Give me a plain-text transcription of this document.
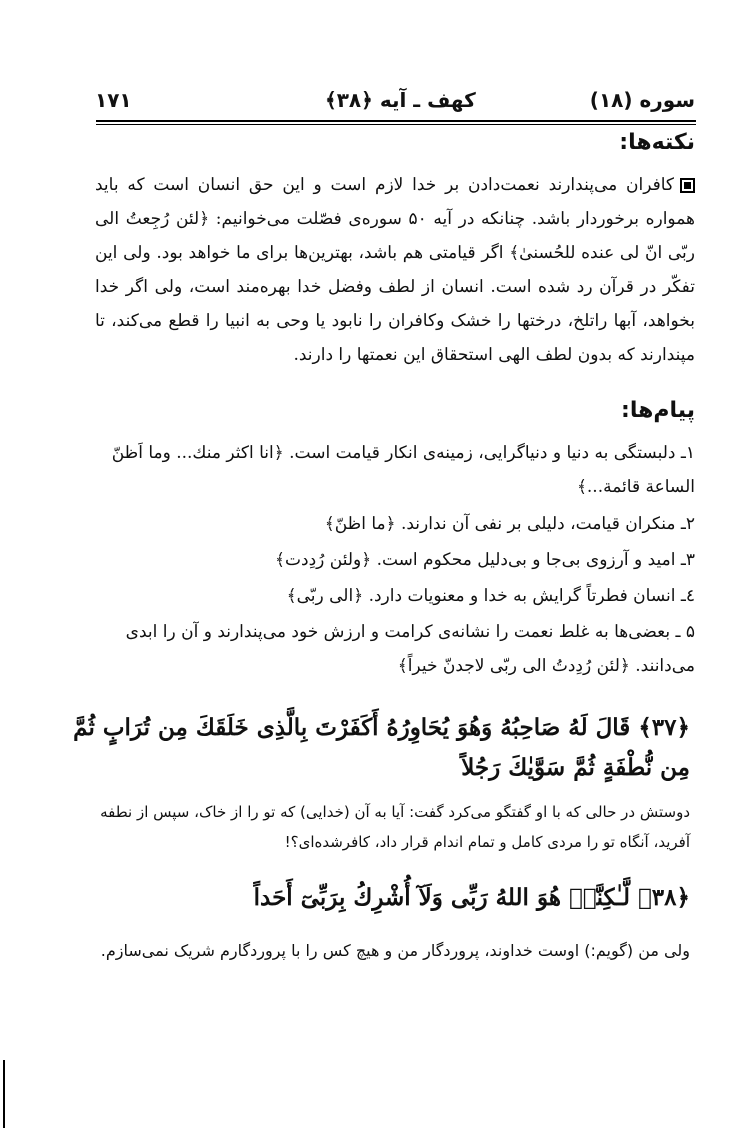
۱۷۱	کهف ـ آیه ﴿۳۸﴾	سوره (۱۸)
نکته‌ها:
کافران می‌پندارند نعمت‌دادن بر خدا لازم است و این حق انسان است که باید همواره برخوردار باشد. چنانکه در آیه ۵۰ سوره‌ی فصّلت می‌خوانیم: ﴿لئن رُجِعتُ الی ربّی انّ لی عنده للحُسنیٰ﴾ اگر قیامتی هم باشد، بهترین‌ها برای ما خواهد بود. ولی این تفکّر در قرآن رد شده است. انسان از لطف وفضل خدا بهره‌مند است، ولی اگر خدا بخواهد، آبها راتلخ، درختها را خشک وکافران را نابود یا وحی به انبیا را قطع می‌کند، تا مپندارند که بدون لطف الهی استحقاق این نعمتها را دارند.
پیام‌ها:
۱ـ دلبستگی به دنیا و دنیاگرایی، زمینه‌ی انکار قیامت است. ﴿انا اکثر منك... وما اَظنّ الساعة قائمة...﴾
۲ـ منکران قیامت، دلیلی بر نفی آن ندارند. ﴿ما اظنّ﴾
۳ـ امید و آرزوی بی‌جا و بی‌دلیل محکوم است. ﴿ولئن رُدِدت﴾
٤ـ انسان فطرتاً گرایش به خدا و معنویات دارد. ﴿الی ربّی﴾
۵ ـ بعضی‌ها به غلط نعمت را نشانه‌ی کرامت و ارزش خود می‌پندارند و آن را ابدی می‌دانند. ﴿لئن رُدِدتُ الی ربّی لاجدنّ خیراً﴾
﴿۳۷﴾ قَالَ لَهُ صَاحِبُهُ وَهُوَ يُحَاوِرُهُ أَكَفَرْتَ بِالَّذِى خَلَقَكَ مِن تُرَابٍ ثُمَّ مِن نُّطْفَةٍ ثُمَّ سَوَّيٰكَ رَجُلاً
دوستش در حالی که با او گفتگو می‌کرد گفت: آیا به آن (خدایی) که تو را از خاک، سپس از نطفه آفرید، آنگاه تو را مردی کامل و تمام اندام قرار داد، کافرشده‌ای؟!
﴿۳۸﴾ لَّـٰكِنَّا۠ هُوَ اللهُ رَبِّى وَلَآ أُشْرِكُ بِرَبِّىٓ أَحَداً
ولی من (گویم:) اوست خداوند، پروردگار من و هیچ کس را با پروردگارم شریک نمی‌سازم.
